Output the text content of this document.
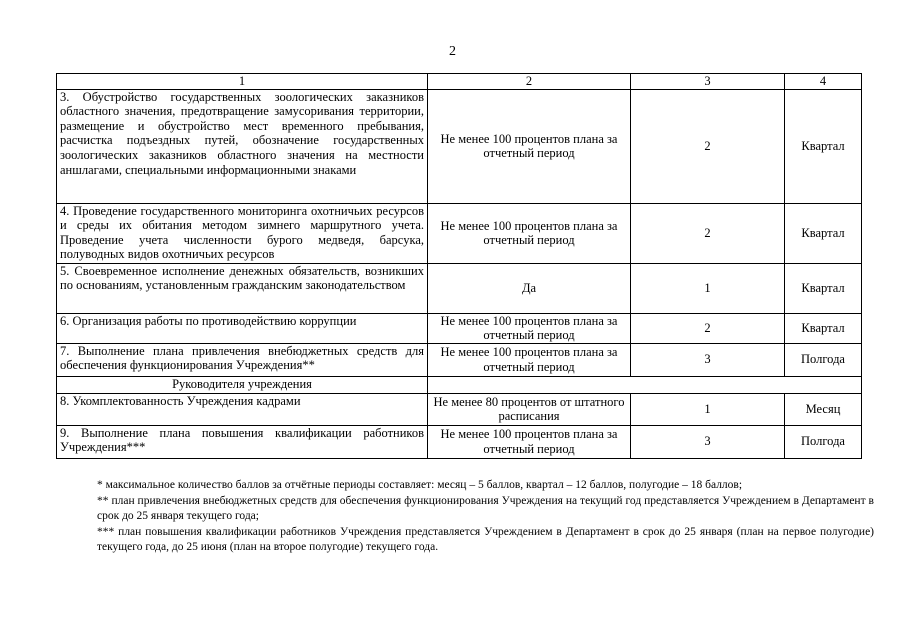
2
1	2	3	4
3. Обустройство государственных зоологических заказников областного значения, предотвращение замусоривания территории, размещение и обустройство мест временного пребывания, расчистка подъездных путей, обозначение государственных зоологических заказников областного значения на местности аншлагами, специальными информационными знаками	Не менее 100 процентов плана за отчетный период	2	Квартал
4. Проведение государственного мониторинга охотничьих ресурсов и среды их обитания методом зимнего маршрутного учета. Проведение учета численности бурого медведя, барсука, полуводных видов охотничьих ресурсов	Не менее 100 процентов плана за отчетный период	2	Квартал
5. Своевременное исполнение денежных обязательств, возникших по основаниям, установленным гражданским законодательством	Да	1	Квартал
6. Организация работы по противодействию коррупции	Не менее 100 процентов плана за отчетный период	2	Квартал
7. Выполнение плана привлечения внебюджетных средств для обеспечения функционирования Учреждения**	Не менее 100 процентов плана за отчетный период	3	Полгода
Руководителя учреждения			
8. Укомплектованность Учреждения кадрами	Не менее 80 процентов от штатного расписания	1	Месяц
9. Выполнение плана повышения квалификации работников Учреждения***	Не менее 100 процентов плана за отчетный период	3	Полгода

* максимальное количество баллов за отчётные периоды составляет: месяц – 5 баллов, квартал – 12 баллов, полугодие – 18 баллов;

** план привлечения внебюджетных средств для обеспечения функционирования Учреждения на текущий год представляется Учреждением в Департамент в срок до 25 января текущего года;

*** план повышения квалификации работников Учреждения представляется Учреждением в Департамент в срок до 25 января (план на первое полугодие) текущего года, до 25 июня (план на второе полугодие) текущего года.
